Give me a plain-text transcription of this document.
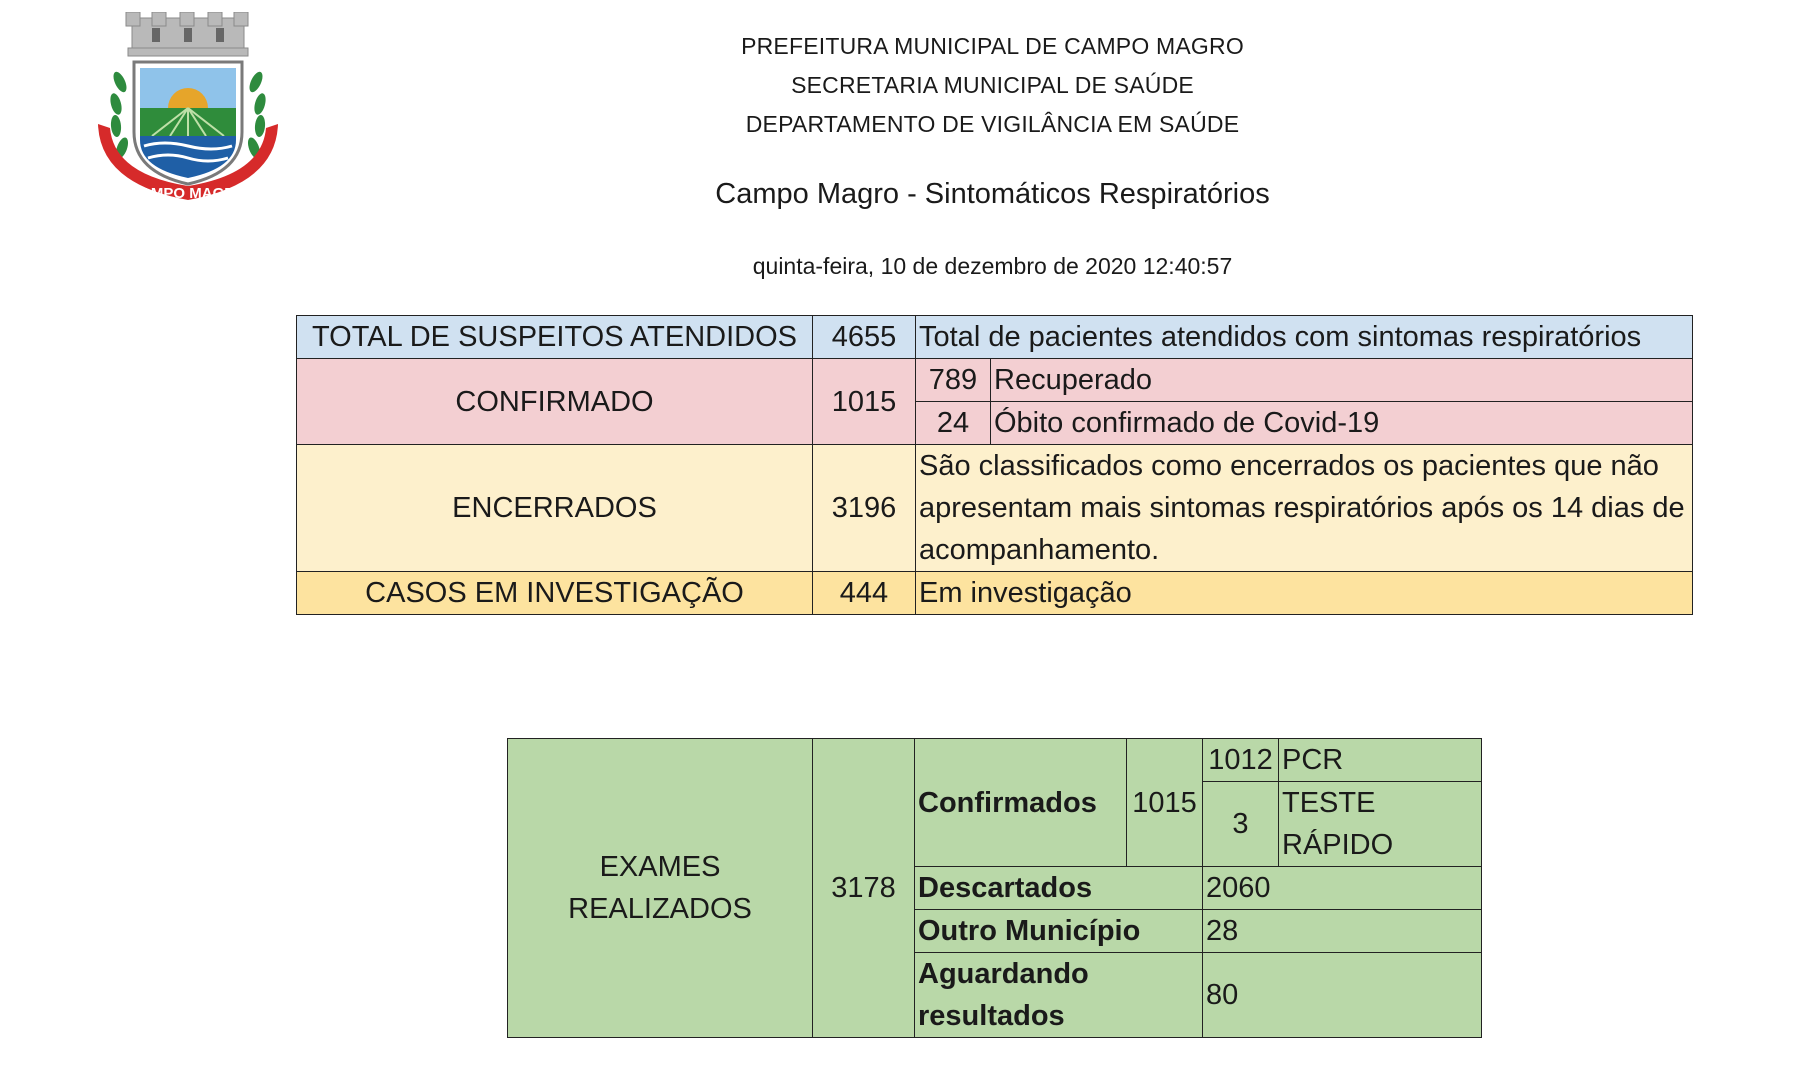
CAMPO MAGRO
PREFEITURA MUNICIPAL DE CAMPO MAGRO
SECRETARIA MUNICIPAL DE SAÚDE
DEPARTAMENTO DE VIGILÂNCIA EM SAÚDE
Campo Magro - Sintomáticos Respiratórios
quinta-feira, 10 de dezembro de 2020 12:40:57
TOTAL DE SUSPEITOS ATENDIDOS	4655	Total de pacientes atendidos com sintomas respiratórios	
CONFIRMADO	1015	789	Recuperado
		24	Óbito confirmado de Covid-19
ENCERRADOS	3196	São classificados como encerrados os pacientes que não apresentam mais sintomas respiratórios após os 14 dias de acompanhamento.	
CASOS EM INVESTIGAÇÃO	444	Em investigação	
EXAMES REALIZADOS	3178	Confirmados	1015	1012	PCR
				3	TESTE RÁPIDO
		Descartados		2060	
		Outro Município		28	
		Aguardando resultados		80	
